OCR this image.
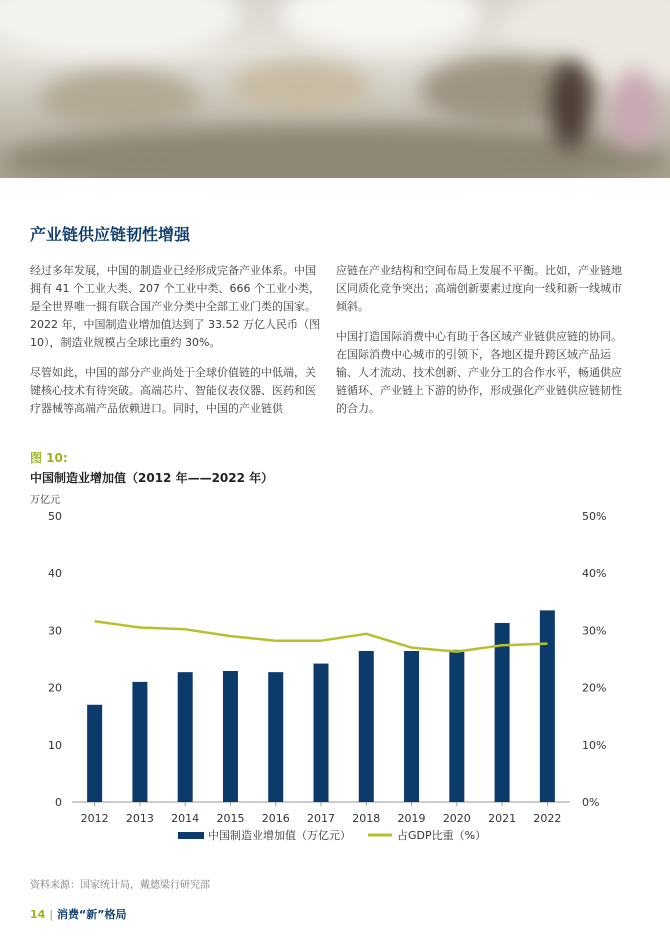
产业链供应链韧性增强

经过多年发展，中国的制造业已经形成完备产业体系。中国拥有 41 个工业大类、207 个工业中类、666 个工业小类，是全世界唯一拥有联合国产业分类中全部工业门类的国家。2022 年，中国制造业增加值达到了 33.52 万亿人民币（图 10），制造业规模占全球比重约 30%。

尽管如此，中国的部分产业尚处于全球价值链的中低端，关键核心技术有待突破。高端芯片、智能仪表仪器、医药和医疗器械等高端产品依赖进口。同时，中国的产业链供

应链在产业结构和空间布局上发展不平衡。比如，产业链地区同质化竞争突出；高端创新要素过度向一线和新一线城市倾斜。

中国打造国际消费中心有助于各区域产业链供应链的协同。在国际消费中心城市的引领下，各地区提升跨区域产品运输、人才流动、技术创新、产业分工的合作水平，畅通供应链循环、产业链上下游的协作，形成强化产业链供应链韧性的合力。

图 10:
中国制造业增加值（2012 年——2022 年）
万亿元
0
10
20
30
40
50
0%
10%
20%
30%
40%
50%
2012 2013 2014 2015 2016 2017 2018 2019 2020 2021 2022
中国制造业增加值（万亿元）	占GDP比重（%）
资料来源：国家统计局，戴德梁行研究部
14 | 消费“新”格局
